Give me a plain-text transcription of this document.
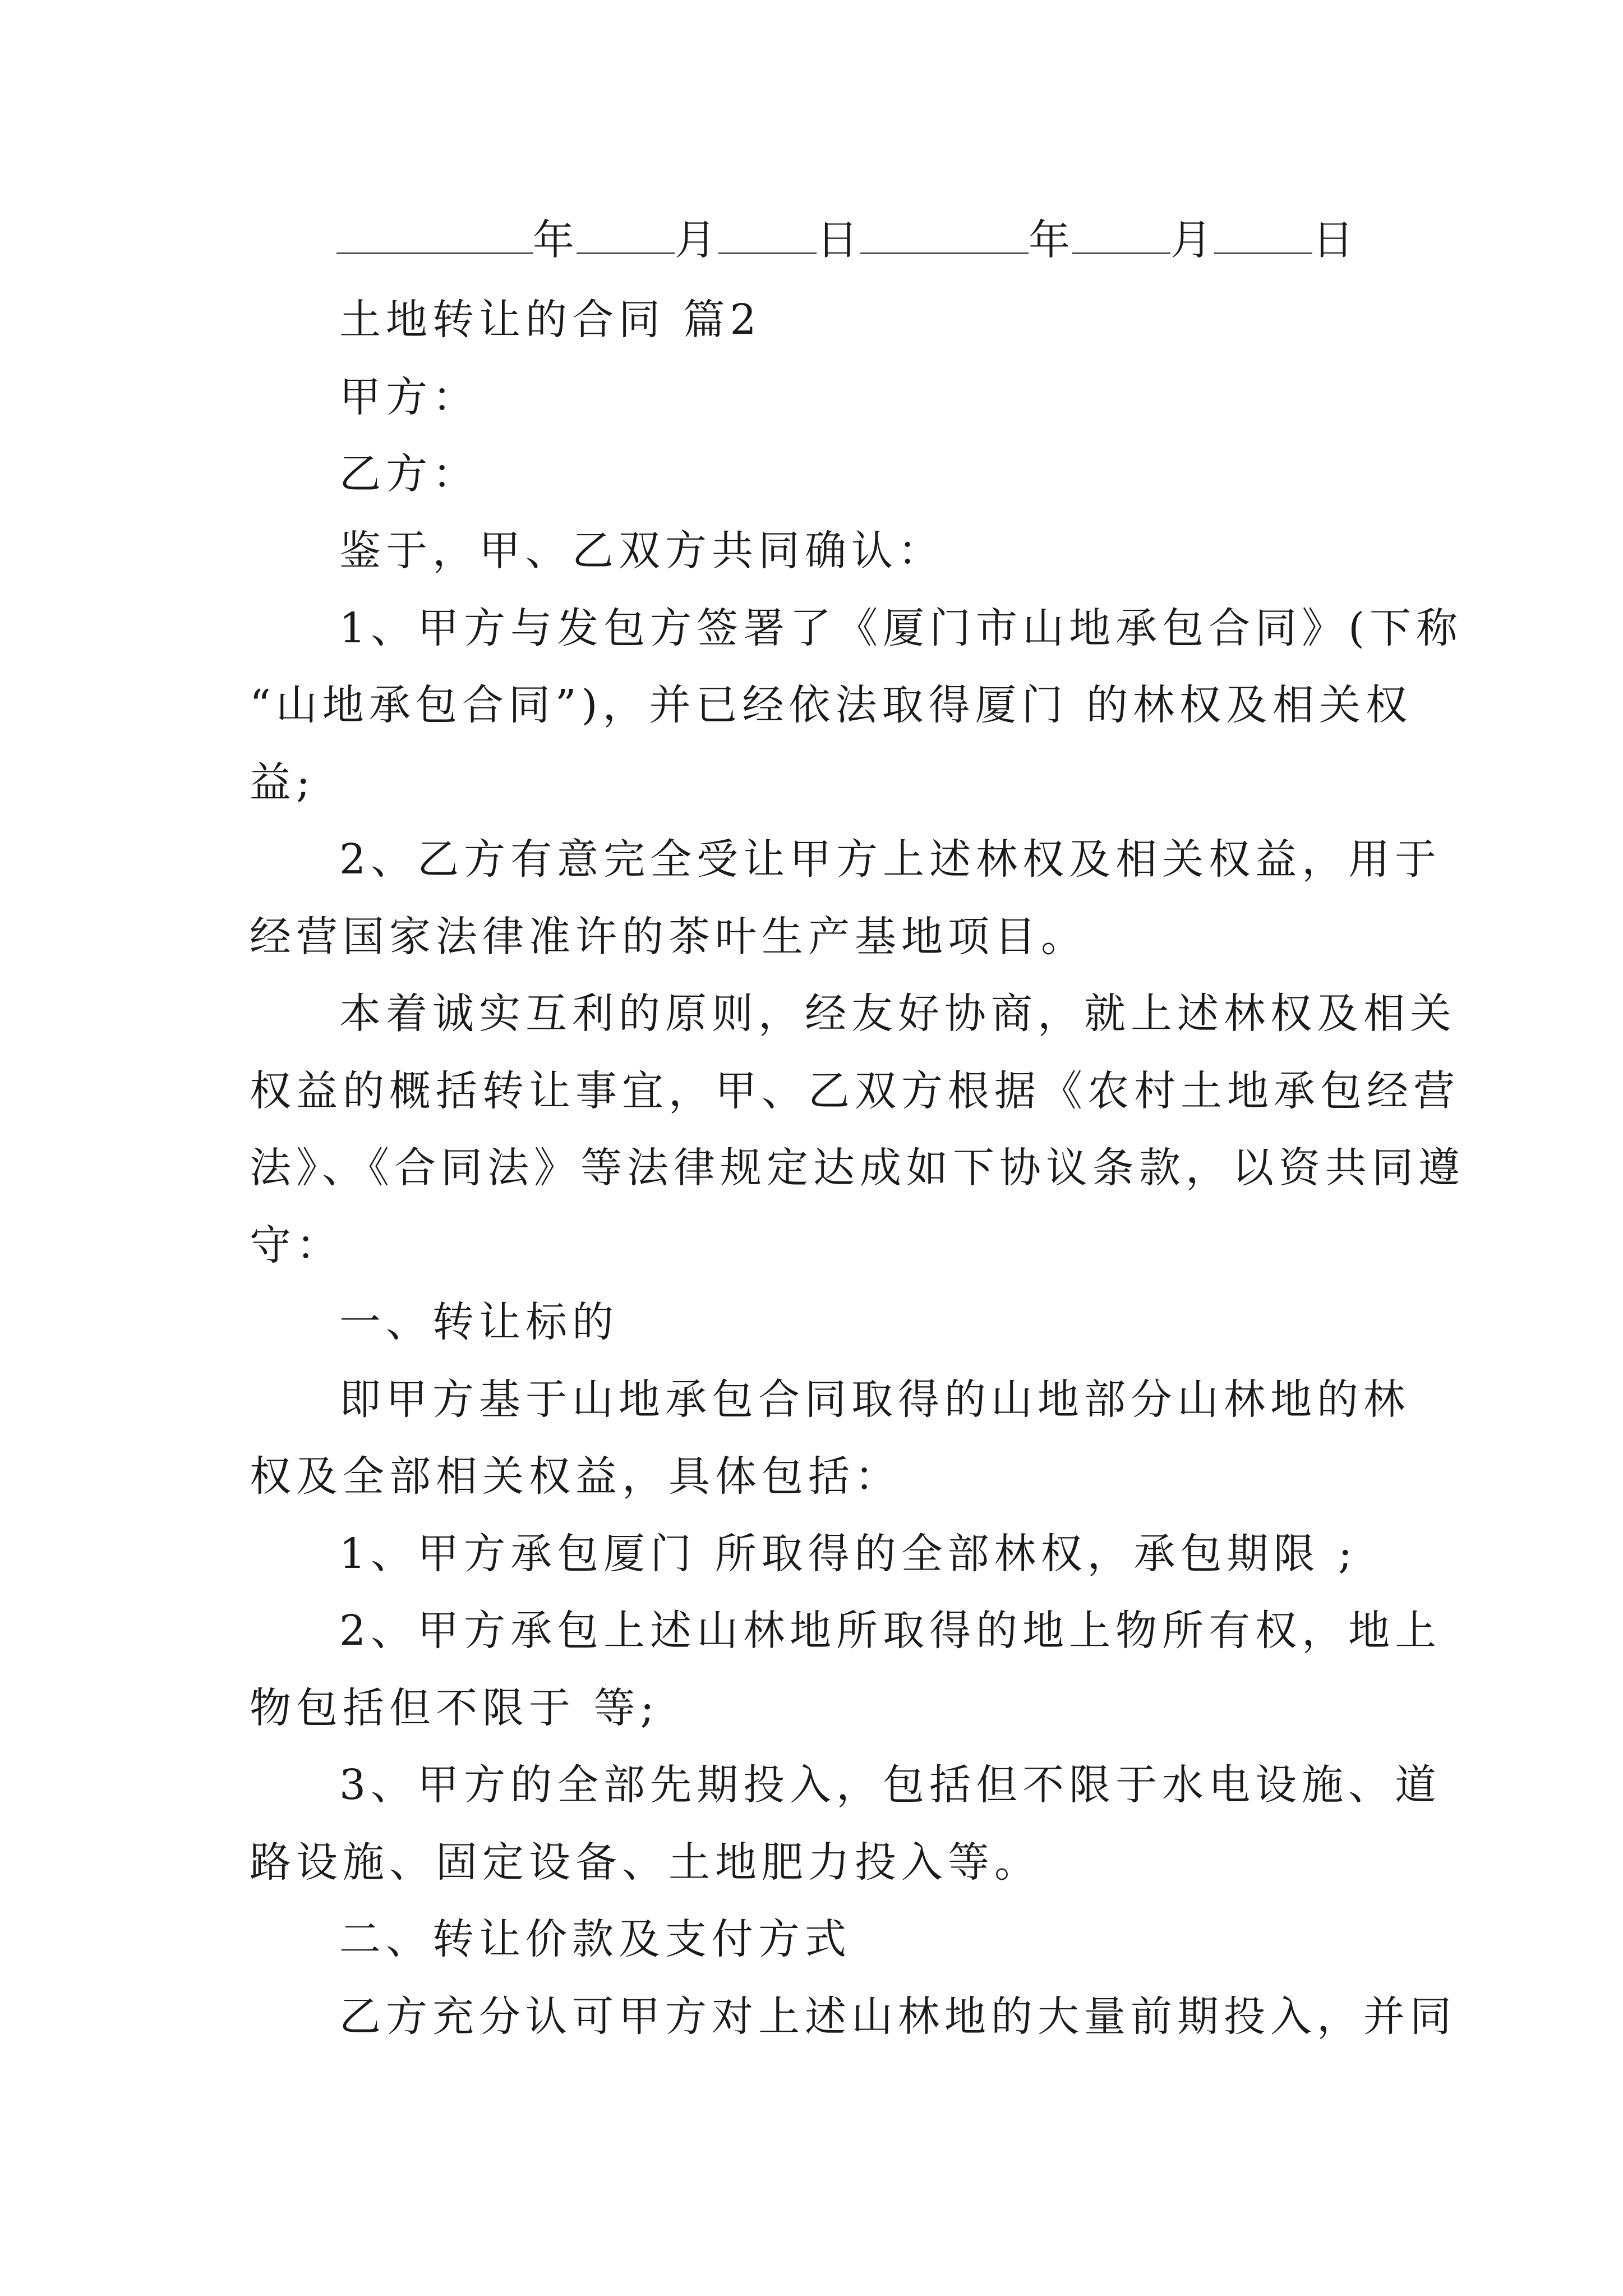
年 月 日	年 月 日
土地转让的合同 篇2
甲方：
乙方：
鉴于，甲、乙双方共同确认：
1、甲方与发包方签署了《厦门市山地承包合同》(下称
“山地承包合同”)，并已经依法取得厦门 的林权及相关权
益;
2、乙方有意完全受让甲方上述林权及相关权益，用于
经营国家法律准许的茶叶生产基地项目。
本着诚实互利的原则，经友好协商，就上述林权及相关
权益的概括转让事宜，甲、乙双方根据《农村土地承包经营
法》、《合同法》等法律规定达成如下协议条款，以资共同遵
守：
一、转让标的
即甲方基于山地承包合同取得的山地部分山林地的林
权及全部相关权益，具体包括：
1、甲方承包厦门 所取得的全部林权，承包期限 ;
2、甲方承包上述山林地所取得的地上物所有权，地上
物包括但不限于 等;
3、甲方的全部先期投入，包括但不限于水电设施、道
路设施、固定设备、土地肥力投入等。
二、转让价款及支付方式
乙方充分认可甲方对上述山林地的大量前期投入，并同
